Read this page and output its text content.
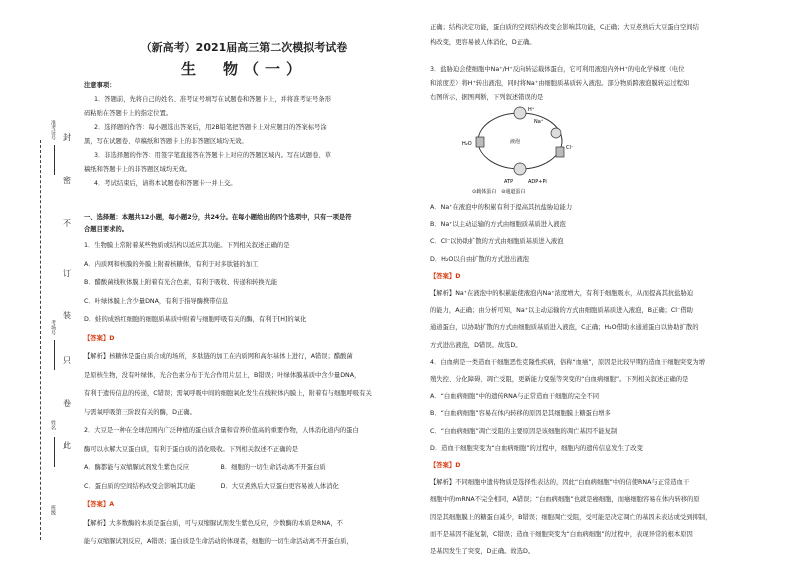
封
密
不
订
装
只
卷
此
准考证号
考场号
姓名
班级
（新高考）2021届高三第二次模拟考试卷
生　物（一）
注意事项：
1．答题前，先将自己的姓名、准考证号填写在试题卷和答题卡上，并将准考证号条形
码粘贴在答题卡上的指定位置。
2．选择题的作答：每小题选出答案后，用2B铅笔把答题卡上对应题目的答案标号涂
黑，写在试题卷、草稿纸和答题卡上的非答题区域均无效。
3．非选择题的作答：用签字笔直接答在答题卡上对应的答题区域内。写在试题卷、草
稿纸和答题卡上的非答题区域均无效。
4．考试结束后，请将本试题卷和答题卡一并上交。
一、选择题：本题共12小题，每小题2分，共24分。在每小题给出的四个选项中，只有一项是符
合题目要求的。
1．生物膜上常附着某些物质或结构以适应其功能。下列相关叙述正确的是
A．内质网和核膜的外膜上附着核糖体，有利于对多肽链的加工
B．醋酸菌线粒体膜上附着有光合色素，有利于吸收、传递和转换光能
C．叶绿体膜上含少量DNA，有利于指导酶携带信息
D．蛙的成熟红细胞的细胞质基质中附着与细胞呼吸有关的酶，有利于[H]的氧化
【答案】D
【解析】核糖体是蛋白质合成的场所，多肽链的加工在内质网和高尔基体上进行，A错误；醋酸菌
是原核生物，没有叶绿体，光合色素分布于光合作用片层上，B错误；叶绿体膜基质中含少量DNA，
有利于遗传信息的传递，C错误；需氧呼吸中间的细胞氧化发生在线粒体内膜上，附着有与细胞呼吸有关
与需氧呼吸第三阶段有关的酶，D正确。
2．大豆是一种在全球范围内广泛种植的蛋白质含量和营养价值高的重要作物，人体消化道内的蛋白
酶可以水解大豆蛋白质，有利于蛋白质的消化吸收。下列相关叙述不正确的是
A．酶都能与双缩脲试剂发生紫色反应　　　　　B．细胞的一切生命活动离不开蛋白质
C．蛋白质的空间结构改变会影响其功能　　　　D．大豆煮熟后大豆蛋白更容易被人体消化
【答案】A
【解析】大多数酶的本质是蛋白质，可与双缩脲试剂发生紫色反应，少数酶的本质是RNA，不
能与双缩脲试剂反应，A错误；蛋白质是生命活动的体现者，细胞的一切生命活动离不开蛋白质，
正确；结构决定功能，蛋白质的空间结构改变会影响其功能，C正确；大豆煮熟后大豆蛋白空间结
构改变，更容易被人体消化，D正确。
3．盐胁迫会使细胞中Na⁺/H⁺反向转运载体蛋白，它可利用液泡内外H⁺的电化学梯度（电位
和浓度差）将H⁺转出液泡，同时将Na⁺由细胞质基质转入液泡。部分物质跨液泡膜转运过程如
右图所示，据图判断，下列叙述错误的是
A．Na⁺在液泡中的积累有利于提高其抗盐胁迫能力
B．Na⁺以主动运输的方式由细胞质基质进入液泡
C．Cl⁻以协助扩散的方式由细胞质基质进入液泡
D．H₂O以自由扩散的方式进出液泡
【答案】D
【解析】Na⁺在液泡中的积累能使液泡内Na⁺浓度增大，有利于细胞吸水，从而提高其抗盐胁迫
的能力，A正确；由分析可知，Na⁺以主动运输的方式由细胞质基质进入液泡，B正确；Cl⁻借助
通道蛋白，以协助扩散的方式由细胞质基质进入液泡，C正确；H₂O借助水通道蛋白以协助扩散的
方式进出液泡，D错误。故选D。
4．白血病是一类造血干细胞恶性克隆性疾病，俗称“血癌”，原因是比较早期的造血干细胞突变为增
殖失控、分化障碍、凋亡受阻，更新能力变强等突变的“白血病细胞”。下列相关叙述正确的是
A．“白血病细胞”中的遗传RNA与正常造血干细胞的完全不同
B．“白血病细胞”容易在体内转移的原因是其细胞膜上糖蛋白增多
C．“白血病细胞”凋亡受阻的主要原因是该细胞的凋亡基因不能复制
D．造血干细胞突变为“白血病细胞”的过程中，细胞内的遗传信息发生了改变
【答案】D
【解析】不同细胞中遗传物质是选择性表达的，因此“白血病细胞”中的信使RNA与正常造血干
细胞中的mRNA不完全相同，A错误；“白血病细胞”也就是癌细胞，而癌细胞容易在体内转移的原
因是其细胞膜上的糖蛋白减少，B错误；细胞凋亡受阻，受可能是决定凋亡的基因未表达或受到抑制，
而不是基因不能复制，C错误；造血干细胞突变为“白血病细胞”的过程中，表现异常的根本原因
是基因发生了突变，D正确。故选D。
H⁺
Na⁺
Cl⁻
H₂O	液泡
ATP	ADP+Pi
⊙载体蛋白　⊝通道蛋白
